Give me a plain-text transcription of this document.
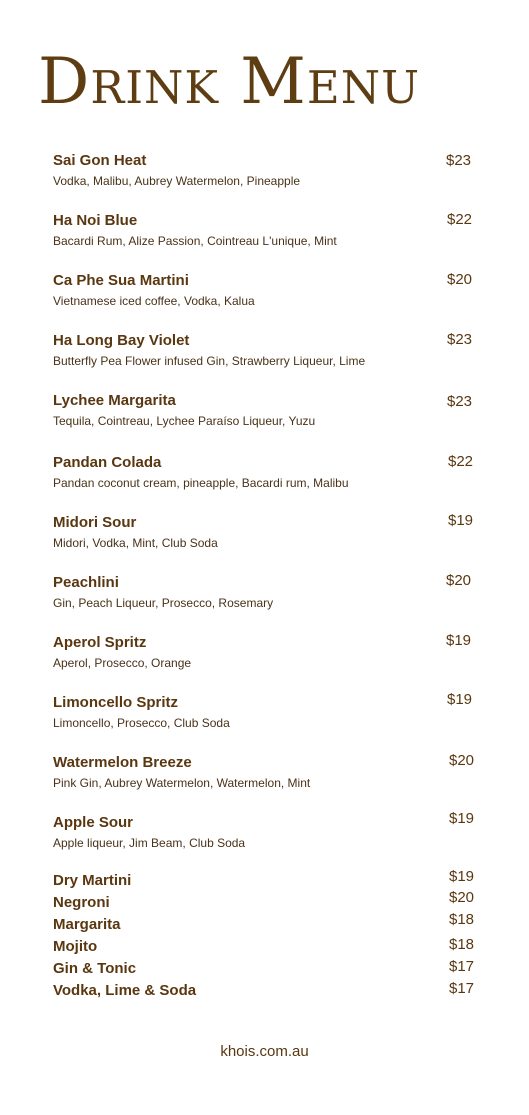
Drink Menu
Sai Gon Heat
Vodka, Malibu, Aubrey Watermelon, Pineapple
$23
Ha Noi Blue
Bacardi Rum, Alize Passion, Cointreau L'unique, Mint
$22
Ca Phe Sua Martini
Vietnamese iced coffee, Vodka, Kalua
$20
Ha Long Bay Violet
Butterfly Pea Flower infused Gin, Strawberry Liqueur, Lime
$23
Lychee Margarita
Tequila, Cointreau, Lychee Paraíso Liqueur, Yuzu
$23
Pandan Colada
Pandan coconut cream, pineapple, Bacardi rum, Malibu
$22
Midori Sour
Midori, Vodka, Mint, Club Soda
$19
Peachlini
Gin, Peach Liqueur, Prosecco, Rosemary
$20
Aperol Spritz
Aperol, Prosecco, Orange
$19
Limoncello Spritz
Limoncello, Prosecco, Club Soda
$19
Watermelon Breeze
Pink Gin, Aubrey Watermelon, Watermelon, Mint
$20
Apple Sour
Apple liqueur, Jim Beam, Club Soda
$19
Dry Martini	$19
Negroni	$20
Margarita	$18
Mojito	$18
Gin & Tonic	$17
Vodka, Lime & Soda	$17
khois.com.au
